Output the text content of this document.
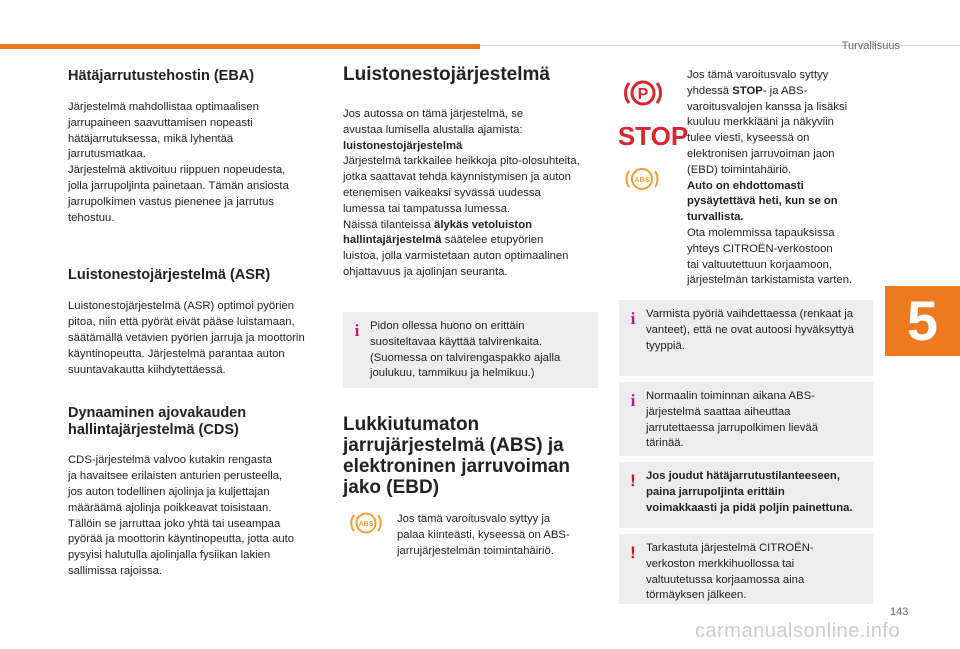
Turvallisuus
5
143
carmanualsonline.info

Hätäjarrutustehostin (EBA)

Järjestelmä mahdollistaa optimaalisen
jarrupaineen saavuttamisen nopeasti
hätäjarrutuksessa, mikä lyhentää
jarrutusmatkaa.
Järjestelmä aktivoituu riippuen nopeudesta,
jolla jarrupoljinta painetaan. Tämän ansiosta
jarrupolkimen vastus pienenee ja jarrutus
tehostuu.

Luistonestojärjestelmä (ASR)

Luistonestojärjestelmä (ASR) optimoi pyörien
pitoa, niin että pyörät eivät pääse luistamaan,
säätämällä vetävien pyörien jarruja ja moottorin
käyntinopeutta. Järjestelmä parantaa auton
suuntavakautta kiihdytettäessä.

Dynaaminen ajovakauden
hallintajärjestelmä (CDS)

CDS-järjestelmä valvoo kutakin rengasta
ja havaitsee erilaisten anturien perusteella,
jos auton todellinen ajolinja ja kuljettajan
määräämä ajolinja poikkeavat toisistaan.
Tällöin se jarruttaa joko yhtä tai useampaa
pyörää ja moottorin käyntinopeutta, jotta auto
pysyisi halutulla ajolinjalla fysiikan lakien
sallimissa rajoissa.

Luistonestojärjestelmä

Jos autossa on tämä järjestelmä, se
avustaa lumisella alustalla ajamista:
luistonestojärjestelmä
Järjestelmä tarkkailee heikkoja pito-olosuhteita,
jotka saattavat tehdä käynnistymisen ja auton
etenemisen vaikeaksi syvässä uudessa
lumessa tai tampatussa lumessa.
Näissä tilanteissa älykäs vetoluiston
hallintajärjestelmä säätelee etupyörien
luistoa, jolla varmistetaan auton optimaalinen
ohjattavuus ja ajolinjan seuranta.

i Pidon ollessa huono on erittäin
suositeltavaa käyttää talvirenkaita.
(Suomessa on talvirengaspakko ajalla
joulukuu, tammikuu ja helmikuu.)

Lukkiutumaton
jarrujärjestelmä (ABS) ja
elektroninen jarruvoiman
jako (EBD)

Jos tämä varoitusvalo syttyy ja
palaa kiinteästi, kyseessä on ABS-
jarrujärjestelmän toimintahäiriö.

ABS
P
STOP
ABS

Jos tämä varoitusvalo syttyy
yhdessä STOP- ja ABS-
varoitusvalojen kanssa ja lisäksi
kuuluu merkkiääni ja näkyviin
tulee viesti, kyseessä on
elektronisen jarruvoiman jaon
(EBD) toimintahäiriö.
Auto on ehdottomasti
pysäytettävä heti, kun se on
turvallista.
Ota molemmissa tapauksissa
yhteys CITROËN-verkostoon
tai valtuutettuun korjaamoon,
järjestelmän tarkistamista varten.

i Varmista pyöriä vaihdettaessa (renkaat ja
vanteet), että ne ovat autoosi hyväksyttyä
tyyppiä.
i Normaalin toiminnan aikana ABS-
järjestelmä saattaa aiheuttaa
jarrutettaessa jarrupolkimen lievää
tärinää.
! Jos joudut hätäjarrutustilanteeseen,
paina jarrupoljinta erittäin
voimakkaasti ja pidä poljin painettuna.
! Tarkastuta järjestelmä CITROËN-
verkoston merkkihuollossa tai
valtuutetussa korjaamossa aina
törmäyksen jälkeen.
